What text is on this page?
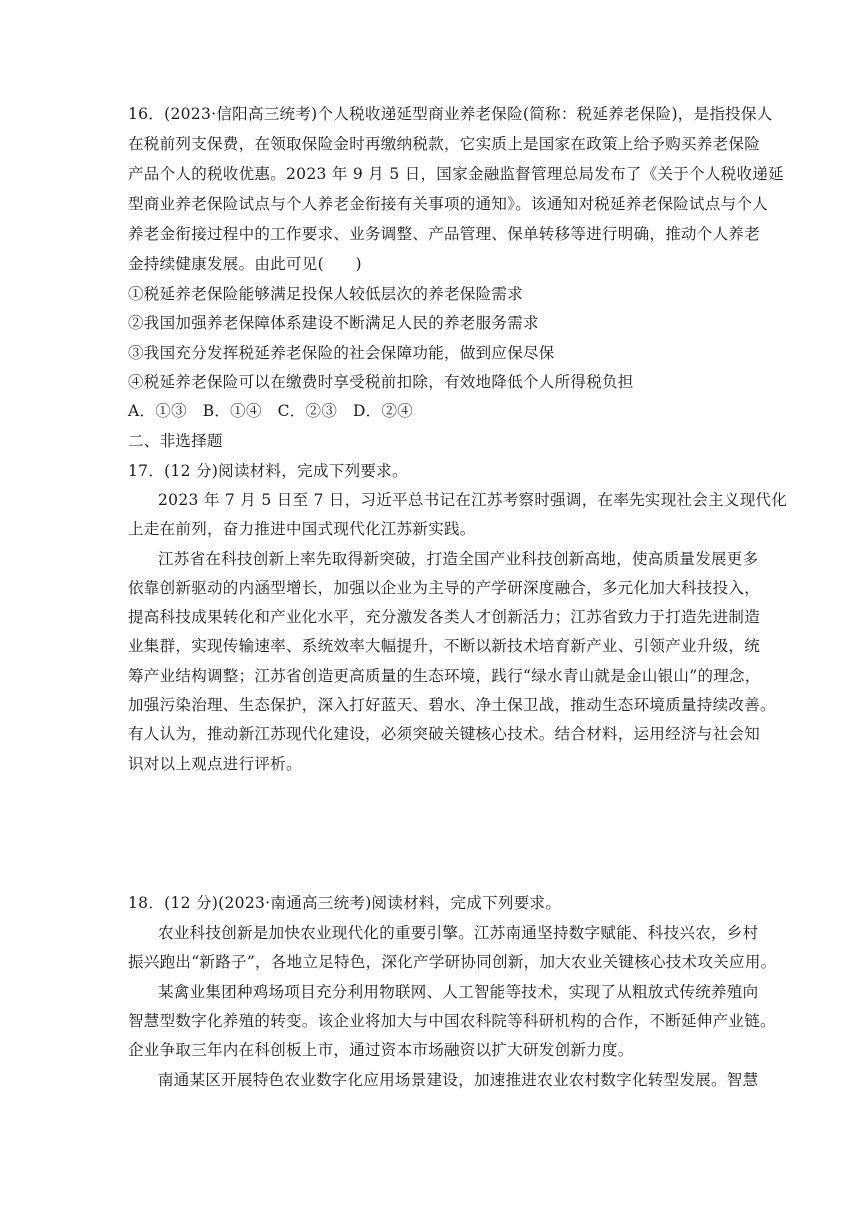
16．(2023·信阳高三统考)个人税收递延型商业养老保险(简称：税延养老保险)，是指投保人
在税前列支保费，在领取保险金时再缴纳税款，它实质上是国家在政策上给予购买养老保险
产品个人的税收优惠。2023 年 9 月 5 日，国家金融监督管理总局发布了《关于个人税收递延
型商业养老保险试点与个人养老金衔接有关事项的通知》。该通知对税延养老保险试点与个人
养老金衔接过程中的工作要求、业务调整、产品管理、保单转移等进行明确，推动个人养老
金持续健康发展。由此可见(　　)
①税延养老保险能够满足投保人较低层次的养老保险需求
②我国加强养老保障体系建设不断满足人民的养老服务需求
③我国充分发挥税延养老保险的社会保障功能，做到应保尽保
④税延养老保险可以在缴费时享受税前扣除，有效地降低个人所得税负担
A．①③　B．①④　C．②③　D．②④
二、非选择题
17．(12 分)阅读材料，完成下列要求。
2023 年 7 月 5 日至 7 日，习近平总书记在江苏考察时强调，在率先实现社会主义现代化
上走在前列，奋力推进中国式现代化江苏新实践。
江苏省在科技创新上率先取得新突破，打造全国产业科技创新高地，使高质量发展更多
依靠创新驱动的内涵型增长，加强以企业为主导的产学研深度融合，多元化加大科技投入，
提高科技成果转化和产业化水平，充分激发各类人才创新活力；江苏省致力于打造先进制造
业集群，实现传输速率、系统效率大幅提升，不断以新技术培育新产业、引领产业升级，统
筹产业结构调整；江苏省创造更高质量的生态环境，践行“绿水青山就是金山银山”的理念，
加强污染治理、生态保护，深入打好蓝天、碧水、净土保卫战，推动生态环境质量持续改善。
有人认为，推动新江苏现代化建设，必须突破关键核心技术。结合材料，运用经济与社会知
识对以上观点进行评析。
18．(12 分)(2023·南通高三统考)阅读材料，完成下列要求。
农业科技创新是加快农业现代化的重要引擎。江苏南通坚持数字赋能、科技兴农，乡村
振兴跑出“新路子”，各地立足特色，深化产学研协同创新，加大农业关键核心技术攻关应用。
某禽业集团种鸡场项目充分利用物联网、人工智能等技术，实现了从粗放式传统养殖向
智慧型数字化养殖的转变。该企业将加大与中国农科院等科研机构的合作，不断延伸产业链。
企业争取三年内在科创板上市，通过资本市场融资以扩大研发创新力度。
南通某区开展特色农业数字化应用场景建设，加速推进农业农村数字化转型发展。智慧
